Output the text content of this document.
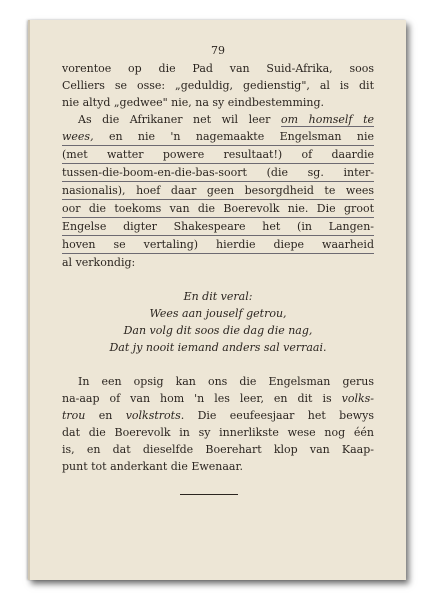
79
vorentoe op die Pad van Suid-Afrika, soos
Celliers se osse: „geduldig, gedienstig", al is dit
nie altyd „gedwee" nie, na sy eindbestemming.
As die Afrikaner net wil leer om homself te
wees, en nie 'n nagemaakte Engelsman nie
(met watter powere resultaat!) of daardie
tussen-die-boom-en-die-bas-soort (die sg. inter-
nasionalis), hoef daar geen besorgdheid te wees
oor die toekoms van die Boerevolk nie. Die groot
Engelse digter Shakespeare het (in Langen-
hoven se vertaling) hierdie diepe waarheid
al verkondig:
En dit veral:
Wees aan jouself getrou,
Dan volg dit soos die dag die nag,
Dat jy nooit iemand anders sal verraai.
In een opsig kan ons die Engelsman gerus
na-aap of van hom 'n les leer, en dit is volks-
trou en volkstrots. Die eeufeesjaar het bewys
dat die Boerevolk in sy innerlikste wese nog één
is, en dat dieselfde Boerehart klop van Kaap-
punt tot anderkant die Ewenaar.
